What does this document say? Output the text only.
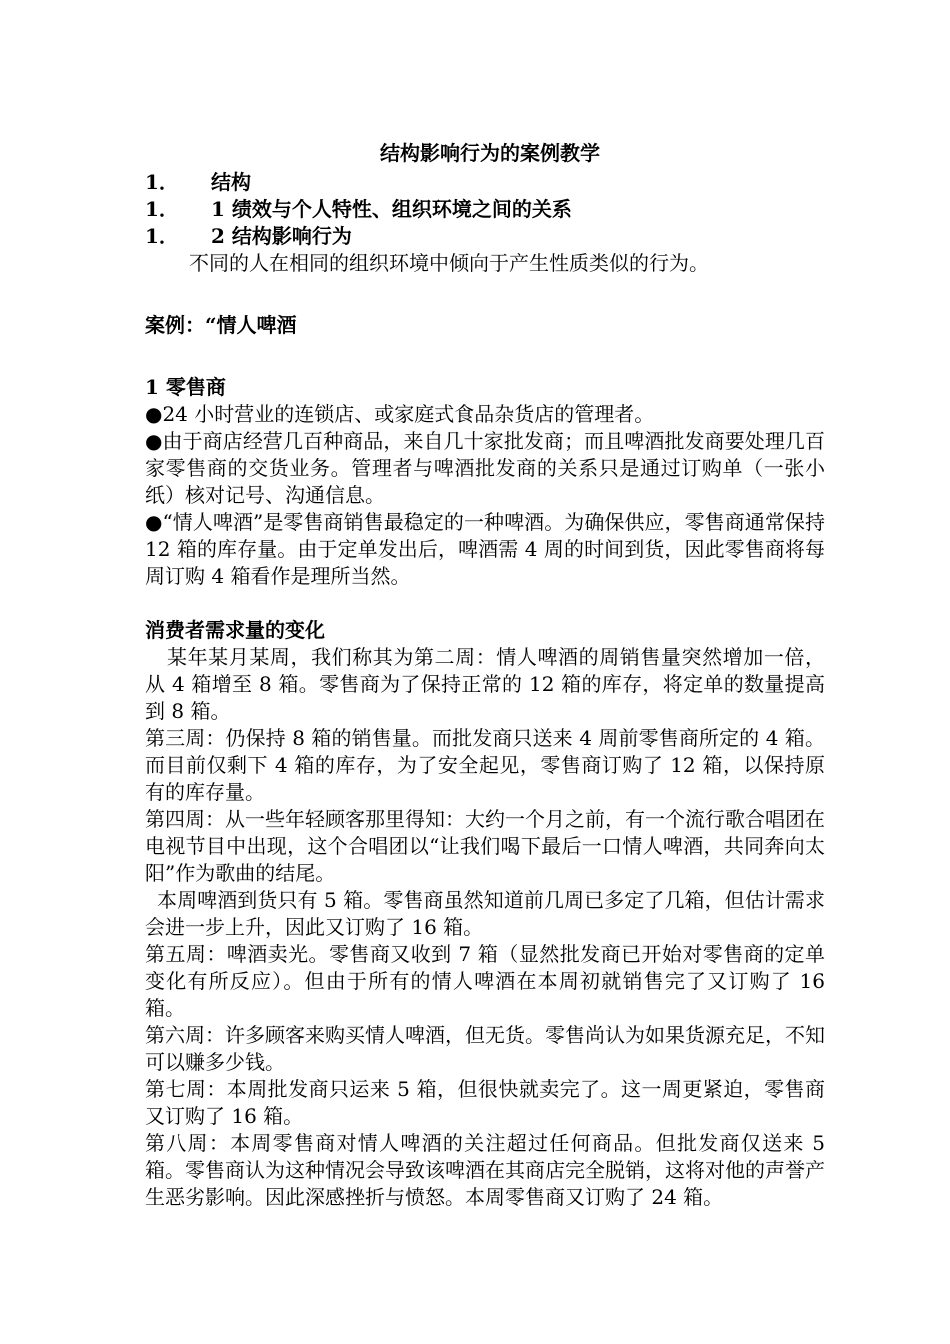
结构影响行为的案例教学

1．	结构
1．	1 绩效与个人特性、组织环境之间的关系
1．	2 结构影响行为

不同的人在相同的组织环境中倾向于产生性质类似的行为。

案例：“情人啤酒

1 零售商

●24 小时营业的连锁店、或家庭式食品杂货店的管理者。

●由于商店经营几百种商品，来自几十家批发商；而且啤酒批发商要处理几百家零售商的交货业务。管理者与啤酒批发商的关系只是通过订购单（一张小纸）核对记号、沟通信息。

●“情人啤酒”是零售商销售最稳定的一种啤酒。为确保供应，零售商通常保持 12 箱的库存量。由于定单发出后，啤酒需 4 周的时间到货，因此零售商将每周订购 4 箱看作是理所当然。

消费者需求量的变化

某年某月某周，我们称其为第二周：情人啤酒的周销售量突然增加一倍，从 4 箱增至 8 箱。零售商为了保持正常的 12 箱的库存，将定单的数量提高到 8 箱。

第三周：仍保持 8 箱的销售量。而批发商只送来 4 周前零售商所定的 4 箱。而目前仅剩下 4 箱的库存，为了安全起见，零售商订购了 12 箱，以保持原有的库存量。

第四周：从一些年轻顾客那里得知：大约一个月之前，有一个流行歌合唱团在电视节目中出现，这个合唱团以“让我们喝下最后一口情人啤酒，共同奔向太阳”作为歌曲的结尾。

本周啤酒到货只有 5 箱。零售商虽然知道前几周已多定了几箱，但估计需求会进一步上升，因此又订购了 16 箱。

第五周：啤酒卖光。零售商又收到 7 箱（显然批发商已开始对零售商的定单变化有所反应）。但由于所有的情人啤酒在本周初就销售完了又订购了 16 箱。

第六周：许多顾客来购买情人啤酒，但无货。零售尚认为如果货源充足，不知可以赚多少钱。

第七周：本周批发商只运来 5 箱，但很快就卖完了。这一周更紧迫，零售商又订购了 16 箱。

第八周：本周零售商对情人啤酒的关注超过任何商品。但批发商仅送来 5 箱。零售商认为这种情况会导致该啤酒在其商店完全脱销，这将对他的声誉产生恶劣影响。因此深感挫折与愤怒。本周零售商又订购了 24 箱。
